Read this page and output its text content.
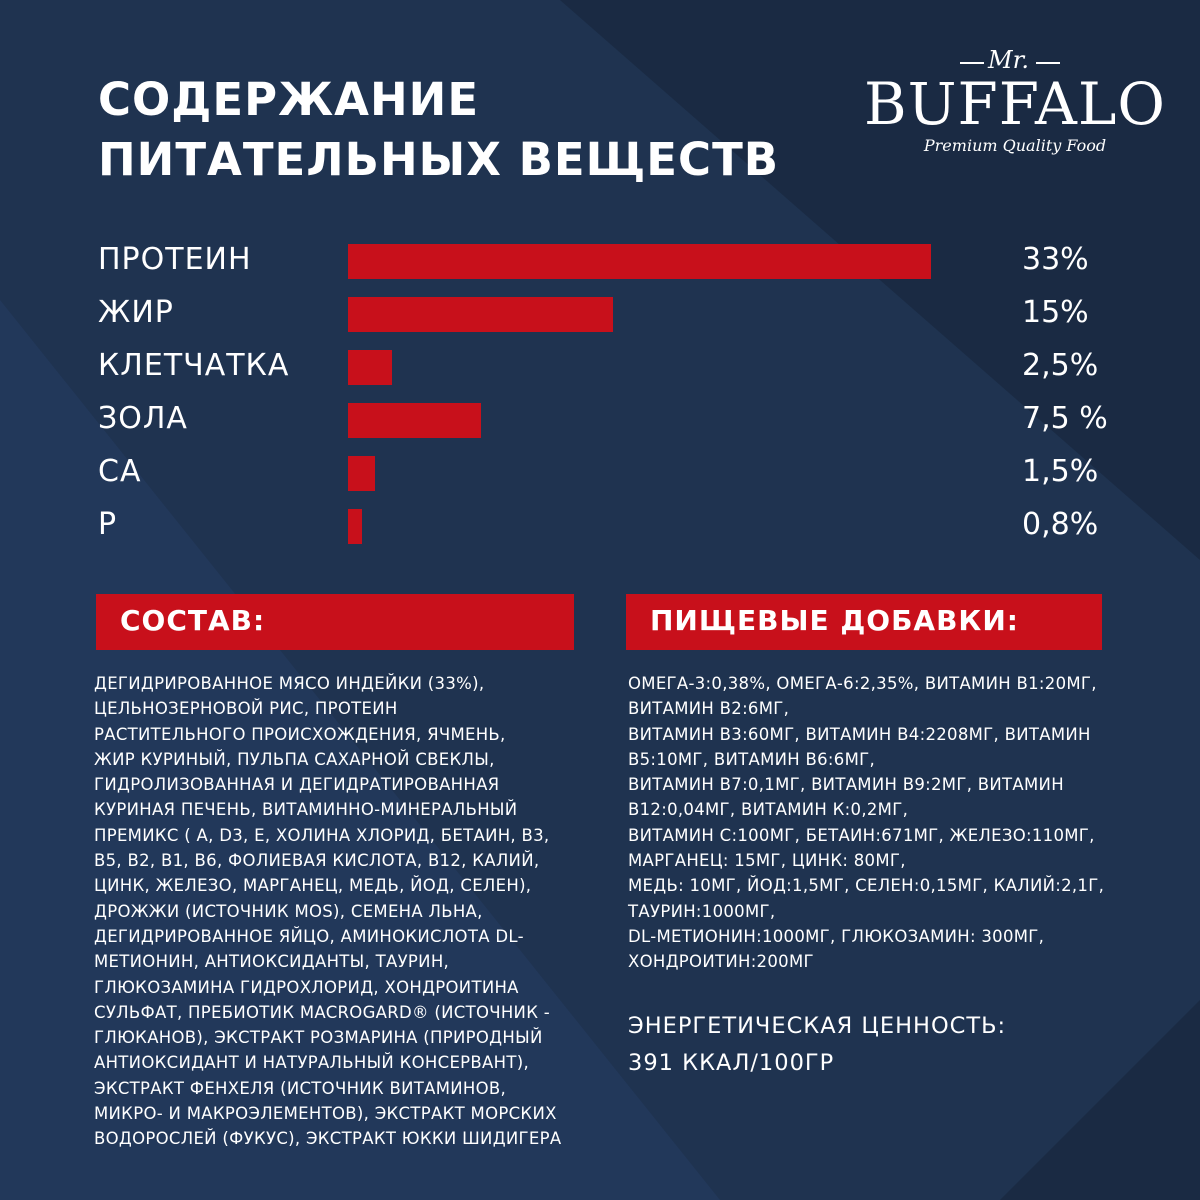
СОДЕРЖАНИЕ
ПИТАТЕЛЬНЫХ ВЕЩЕСТВ
Mr.
BUFFALO
Premium Quality Food
ПРОТЕИН	33%
ЖИР	15%
КЛЕТЧАТКА	2,5%
ЗОЛА	7,5 %
СА	1,5%
Р	0,8%
СОСТАВ:	ПИЩЕВЫЕ ДОБАВКИ:
ДЕГИДРИРОВАННОЕ МЯСО ИНДЕЙКИ (33%),
ЦЕЛЬНОЗЕРНОВОЙ РИС, ПРОТЕИН
РАСТИТЕЛЬНОГО ПРОИСХОЖДЕНИЯ, ЯЧМЕНЬ,
ЖИР КУРИНЫЙ, ПУЛЬПА САХАРНОЙ СВЕКЛЫ,
ГИДРОЛИЗОВАННАЯ И ДЕГИДРАТИРОВАННАЯ
КУРИНАЯ ПЕЧЕНЬ, ВИТАМИННО-МИНЕРАЛЬНЫЙ
ПРЕМИКС ( А, D3, Е, ХОЛИНА ХЛОРИД, БЕТАИН, В3,
В5, В2, В1, В6, ФОЛИЕВАЯ КИСЛОТА, В12, КАЛИЙ,
ЦИНК, ЖЕЛЕЗО, МАРГАНЕЦ, МЕДЬ, ЙОД, СЕЛЕН),
ДРОЖЖИ (ИСТОЧНИК MOS), СЕМЕНА ЛЬНА,
ДЕГИДРИРОВАННОЕ ЯЙЦО, АМИНОКИСЛОТА DL-
МЕТИОНИН, АНТИОКСИДАНТЫ, ТАУРИН,
ГЛЮКОЗАМИНА ГИДРОХЛОРИД, ХОНДРОИТИНА
СУЛЬФАТ, ПРЕБИОТИК MACROGARD® (ИСТОЧНИК -
ГЛЮКАНОВ), ЭКСТРАКТ РОЗМАРИНА (ПРИРОДНЫЙ
АНТИОКСИДАНТ И НАТУРАЛЬНЫЙ КОНСЕРВАНТ),
ЭКСТРАКТ ФЕНХЕЛЯ (ИСТОЧНИК ВИТАМИНОВ,
МИКРО- И МАКРОЭЛЕМЕНТОВ), ЭКСТРАКТ МОРСКИХ
ВОДОРОСЛЕЙ (ФУКУС), ЭКСТРАКТ ЮККИ ШИДИГЕРА
ОМЕГА-3:0,38%, ОМЕГА-6:2,35%, ВИТАМИН В1:20МГ,
ВИТАМИН В2:6МГ,
ВИТАМИН В3:60МГ, ВИТАМИН В4:2208МГ, ВИТАМИН
В5:10МГ, ВИТАМИН В6:6МГ,
ВИТАМИН В7:0,1МГ, ВИТАМИН В9:2МГ, ВИТАМИН
В12:0,04МГ, ВИТАМИН К:0,2МГ,
ВИТАМИН С:100МГ, БЕТАИН:671МГ, ЖЕЛЕЗО:110МГ,
МАРГАНЕЦ: 15МГ, ЦИНК: 80МГ,
МЕДЬ: 10МГ, ЙОД:1,5МГ, СЕЛЕН:0,15МГ, КАЛИЙ:2,1Г,
ТАУРИН:1000МГ,
DL-МЕТИОНИН:1000МГ, ГЛЮКОЗАМИН: 300МГ,
ХОНДРОИТИН:200МГ
ЭНЕРГЕТИЧЕСКАЯ ЦЕННОСТЬ:
391 ККАЛ/100ГР
